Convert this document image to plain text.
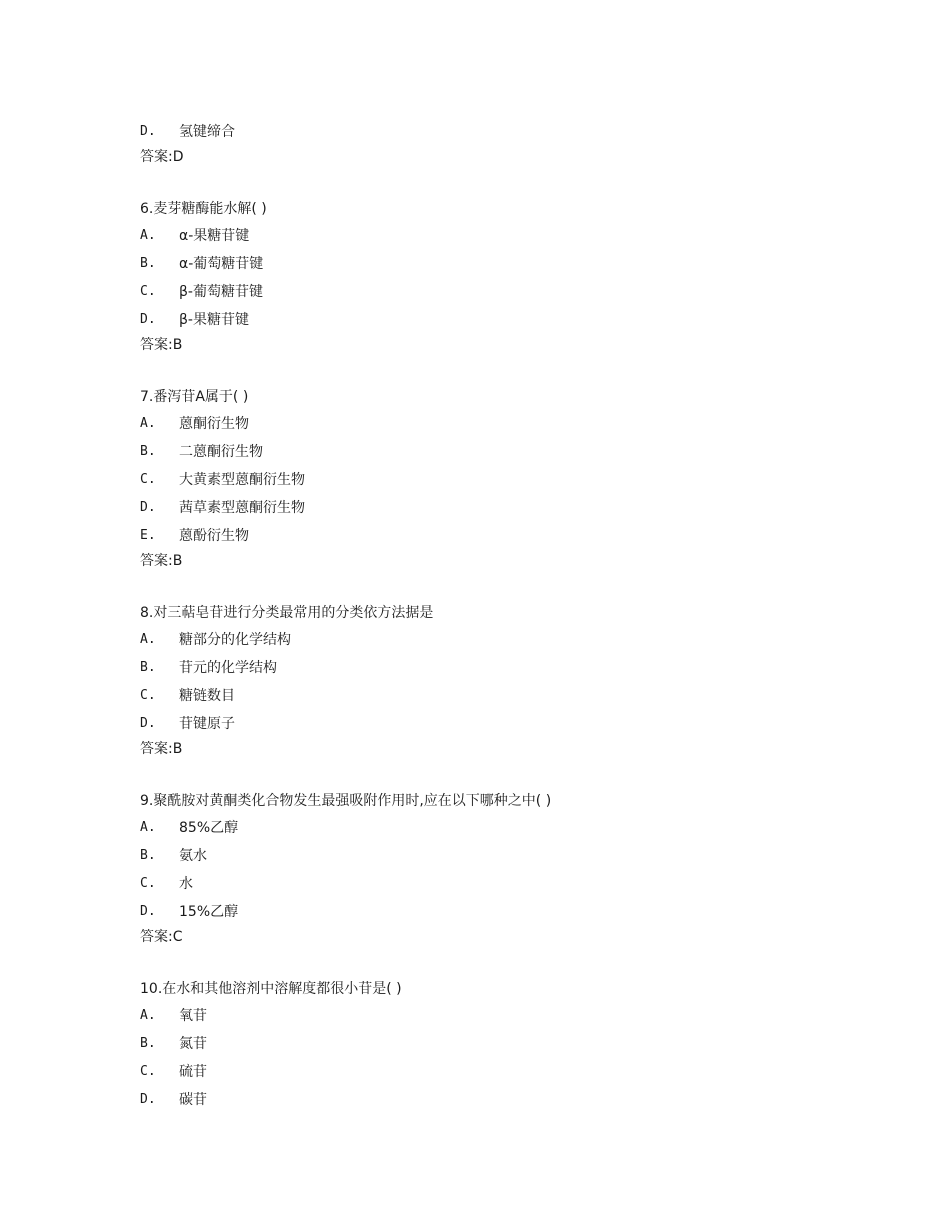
D.	氢键缔合
答案:D
6.麦芽糖酶能水解( )
A.	α-果糖苷键
B.	α-葡萄糖苷键
C.	β-葡萄糖苷键
D.	β-果糖苷键
答案:B
7.番泻苷A属于( )
A.	蒽酮衍生物
B.	二蒽酮衍生物
C.	大黄素型蒽酮衍生物
D.	茜草素型蒽酮衍生物
E.	蒽酚衍生物
答案:B
8.对三萜皂苷进行分类最常用的分类依方法据是
A.	糖部分的化学结构
B.	苷元的化学结构
C.	糖链数目
D.	苷键原子
答案:B
9.聚酰胺对黄酮类化合物发生最强吸附作用时,应在以下哪种之中( )
A.	85%乙醇
B.	氨水
C.	水
D.	15%乙醇
答案:C
10.在水和其他溶剂中溶解度都很小苷是( )
A.	氧苷
B.	氮苷
C.	硫苷
D.	碳苷
